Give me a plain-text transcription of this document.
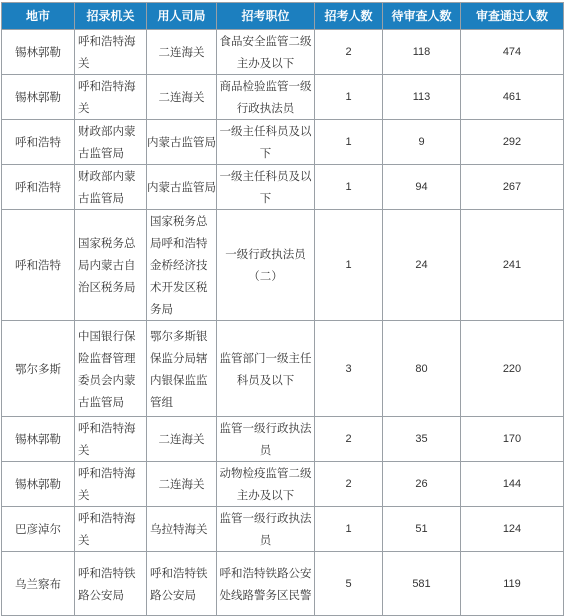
地市	招录机关	用人司局	招考职位	招考人数	待审查人数	审查通过人数
锡林郭勒	呼和浩特海关	二连海关	食品安全监管二级主办及以下	2	118	474
锡林郭勒	呼和浩特海关	二连海关	商品检验监管一级行政执法员	1	113	461
呼和浩特	财政部内蒙古监管局	内蒙古监管局	一级主任科员及以下	1	9	292
呼和浩特	财政部内蒙古监管局	内蒙古监管局	一级主任科员及以下	1	94	267
呼和浩特	国家税务总局内蒙古自治区税务局	国家税务总局呼和浩特金桥经济技术开发区税务局	一级行政执法员（二）	1	24	241
鄂尔多斯	中国银行保险监督管理委员会内蒙古监管局	鄂尔多斯银保监分局辖内银保监监管组	监管部门一级主任科员及以下	3	80	220
锡林郭勒	呼和浩特海关	二连海关	监管一级行政执法员	2	35	170
锡林郭勒	呼和浩特海关	二连海关	动物检疫监管二级主办及以下	2	26	144
巴彦淖尔	呼和浩特海关	乌拉特海关	监管一级行政执法员	1	51	124
乌兰察布	呼和浩特铁路公安局	呼和浩特铁路公安局	呼和浩特铁路公安处线路警务区民警	5	581	119
